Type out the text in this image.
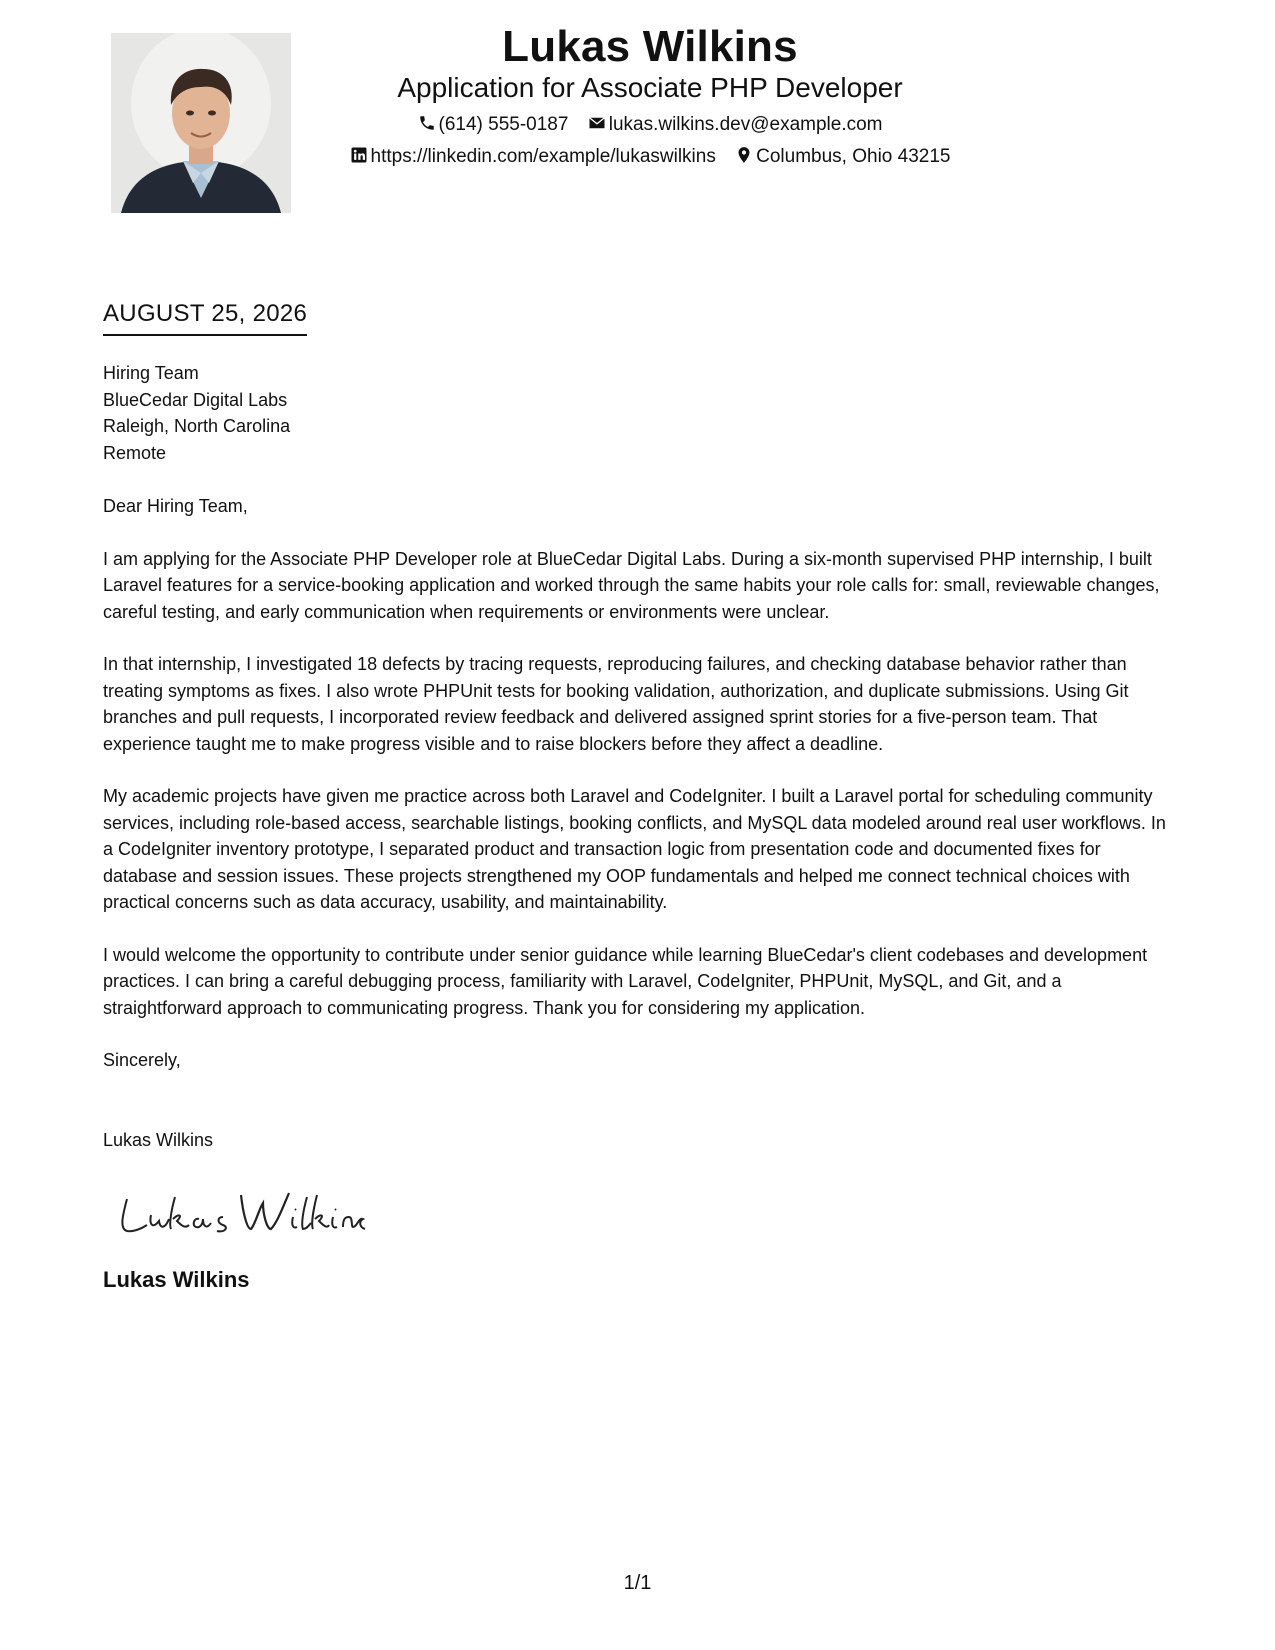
Lukas Wilkins
Application for Associate PHP Developer
(614) 555-0187 lukas.wilkins.dev@example.com
https://linkedin.com/example/lukaswilkins Columbus, Ohio 43215
AUGUST 25, 2026
Hiring Team
BlueCedar Digital Labs
Raleigh, North Carolina
Remote
Dear Hiring Team,
I am applying for the Associate PHP Developer role at BlueCedar Digital Labs. During a six-month supervised PHP internship, I built Laravel features for a service-booking application and worked through the same habits your role calls for: small, reviewable changes, careful testing, and early communication when requirements or environments were unclear.
In that internship, I investigated 18 defects by tracing requests, reproducing failures, and checking database behavior rather than treating symptoms as fixes. I also wrote PHPUnit tests for booking validation, authorization, and duplicate submissions. Using Git branches and pull requests, I incorporated review feedback and delivered assigned sprint stories for a five-person team. That experience taught me to make progress visible and to raise blockers before they affect a deadline.
My academic projects have given me practice across both Laravel and CodeIgniter. I built a Laravel portal for scheduling community services, including role-based access, searchable listings, booking conflicts, and MySQL data modeled around real user workflows. In a CodeIgniter inventory prototype, I separated product and transaction logic from presentation code and documented fixes for database and session issues. These projects strengthened my OOP fundamentals and helped me connect technical choices with practical concerns such as data accuracy, usability, and maintainability.
I would welcome the opportunity to contribute under senior guidance while learning BlueCedar's client codebases and development practices. I can bring a careful debugging process, familiarity with Laravel, CodeIgniter, PHPUnit, MySQL, and Git, and a straightforward approach to communicating progress. Thank you for considering my application.
Sincerely,
Lukas Wilkins
Lukas Wilkins
1/1
